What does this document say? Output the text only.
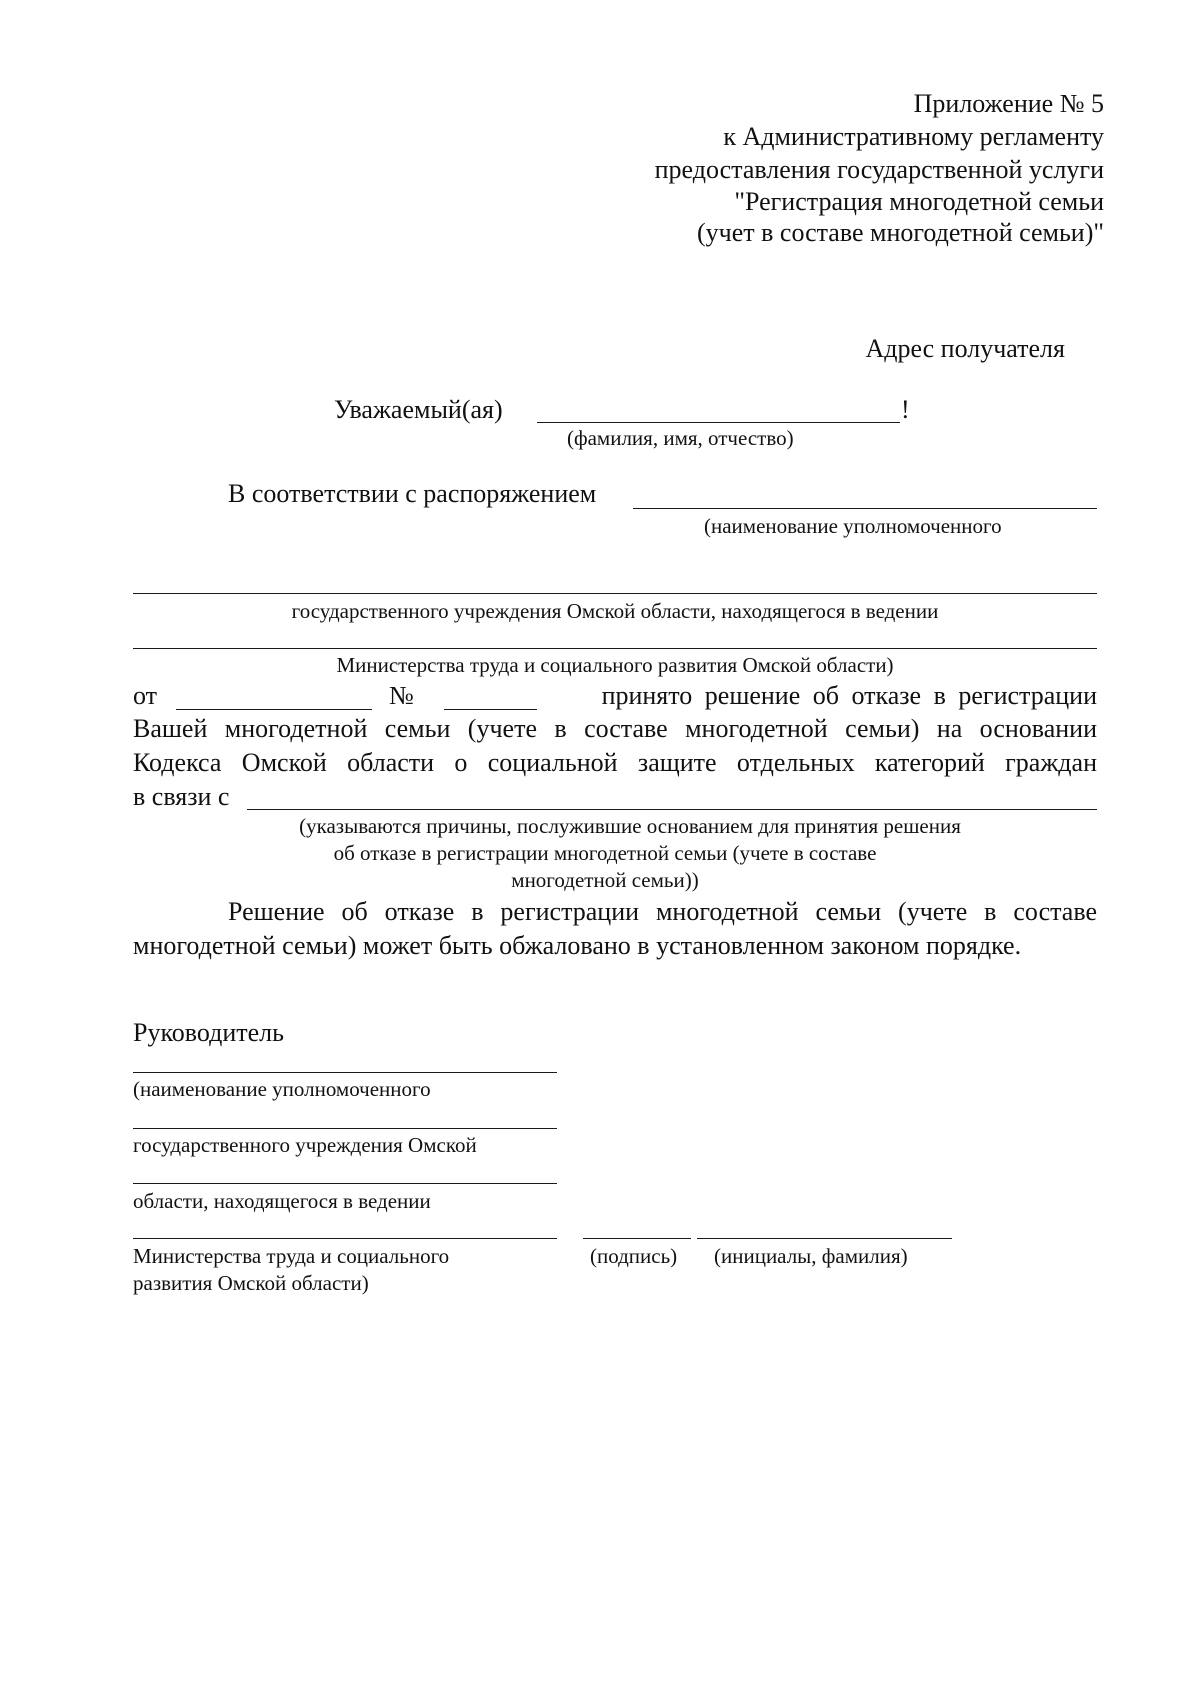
Приложение № 5
к Административному регламенту
предоставления государственной услуги
"Регистрация многодетной семьи
(учет в составе многодетной семьи)"
Адрес получателя
Уважаемый(ая)	!
(фамилия, имя, отчество)
В соответствии с распоряжением
(наименование уполномоченного
государственного учреждения Омской области, находящегося в ведении
Министерства труда и социального развития Омской области)
от	№	принято решение об отказе в регистрации
Вашей многодетной семьи (учете в составе многодетной семьи) на основании
Кодекса Омской области о социальной защите отдельных категорий граждан
в связи с
(указываются причины, послужившие основанием для принятия решения
об отказе в регистрации многодетной семьи (учете в составе
многодетной семьи))
Решение об отказе в регистрации многодетной семьи (учете в составе
многодетной семьи) может быть обжаловано в установленном законом порядке.
Руководитель
(наименование уполномоченного
государственного учреждения Омской
области, находящегося в ведении
Министерства труда и социального
развития Омской области)
(подпись) (инициалы, фамилия)
